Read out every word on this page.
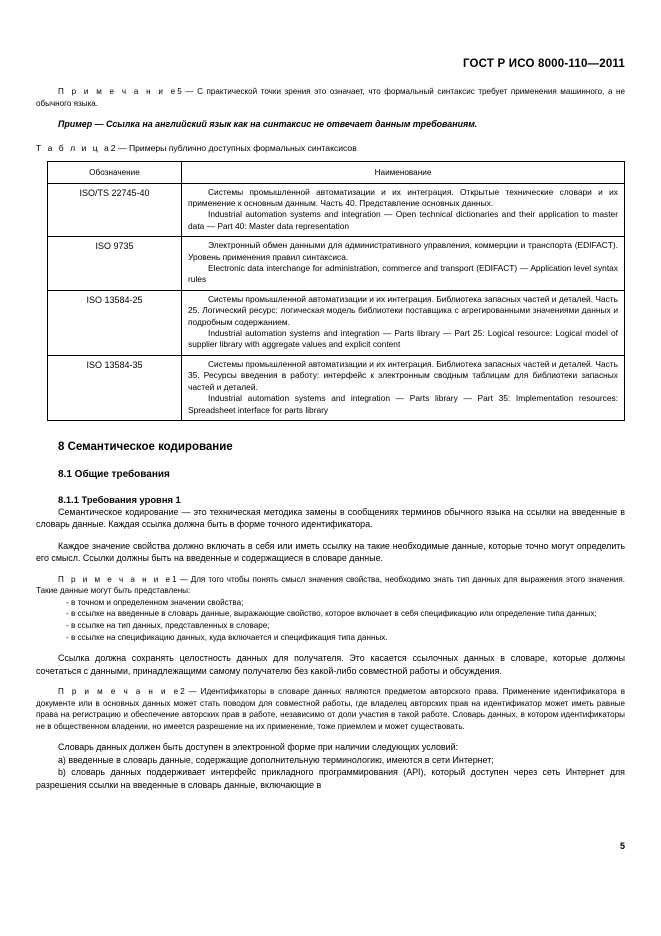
ГОСТ Р ИСО 8000-110—2011

П р и м е ч а н и е5 — С практической точки зрения это означает, что формальный синтаксис требует применения машинного, а не обычного языка.

Пример — Ссылка на английский язык как на синтаксис не отвечает данным требованиям.

Т а б л и ц а2 — Примеры публично доступных формальных синтаксисов

Обозначение	Наименование
ISO/TS 22745-40	Системы промышленной автоматизации и их интеграция. Открытые технические словари и их применение к основным данным. Часть 40. Представление основных данных.
Industrial automation systems and integration — Open technical dictionaries and their application to master data — Part 40: Master data representation

ISO 9735	Электронный обмен данными для административного управления, коммерции и транспорта (EDIFACT). Уровень применения правил синтаксиса.
Electronic data interchange for administration, commerce and transport (EDIFACT) — Application level syntax rules

ISO 13584-25	Системы промышленной автоматизации и их интеграция. Библиотека запасных частей и деталей. Часть 25. Логический ресурс: логическая модель библиотеки поставщика с агрегированными значениями данных и подробным содержанием.
Industrial automation systems and integration — Parts library — Part 25: Logical resource: Logical model of supplier library with aggregate values and explicit content

ISO 13584-35	Системы промышленной автоматизации и их интеграция. Библиотека запасных частей и деталей. Часть 35. Ресурсы введения в работу: интерфейс к электронным сводным таблицам для библиотеки запасных частей и деталей.
Industrial automation systems and integration — Parts library — Part 35: Implementation resources: Spreadsheet interface for parts library
8 Семантическое кодирование
8.1 Общие требования
8.1.1 Требования уровня 1

Семантическое кодирование — это техническая методика замены в сообщениях терминов обычного языка на ссылки на введенные в словарь данные. Каждая ссылка должна быть в форме точного идентификатора.

Каждое значение свойства должно включать в себя или иметь ссылку на такие необходимые данные, которые точно могут определить его смысл. Ссылки должны быть на введенные и содержащиеся в словаре данные.

П р и м е ч а н и е1 — Для того чтобы понять смысл значения свойства, необходимо знать тип данных для выражения этого значения. Такие данные могут быть представлены:

- в точном и определенном значении свойства;
- в ссылке на введенные в словарь данные, выражающие свойство, которое включает в себя спецификацию или определение типа данных;
- в ссылке на тип данных, представленных в словаре;
- в ссылке на спецификацию данных, куда включается и спецификация типа данных.

Ссылка должна сохранять целостность данных для получателя. Это касается ссылочных данных в словаре, которые должны сочетаться с данными, принадлежащими самому получателю без какой-либо совместной работы и обсуждения.

П р и м е ч а н и е2 — Идентификаторы в словаре данных являются предметом авторского права. Применение идентификатора в документе или в основных данных может стать поводом для совместной работы, где владелец авторских прав на идентификатор может иметь равные права на регистрацию и обеспечение авторских прав в работе, независимо от доли участия в такой работе. Словарь данных, в котором идентификаторы не в общественном владении, но имеется разрешение на их применение, тоже приемлем и может существовать.

Словарь данных должен быть доступен в электронной форме при наличии следующих условий:

a) введенные в словарь данные, содержащие дополнительную терминологию, имеются в сети Интернет;
b) словарь данных поддерживает интерфейс прикладного программирования (API), который доступен через сеть Интернет для разрешения ссылки на введенные в словарь данные, включающие в
5
